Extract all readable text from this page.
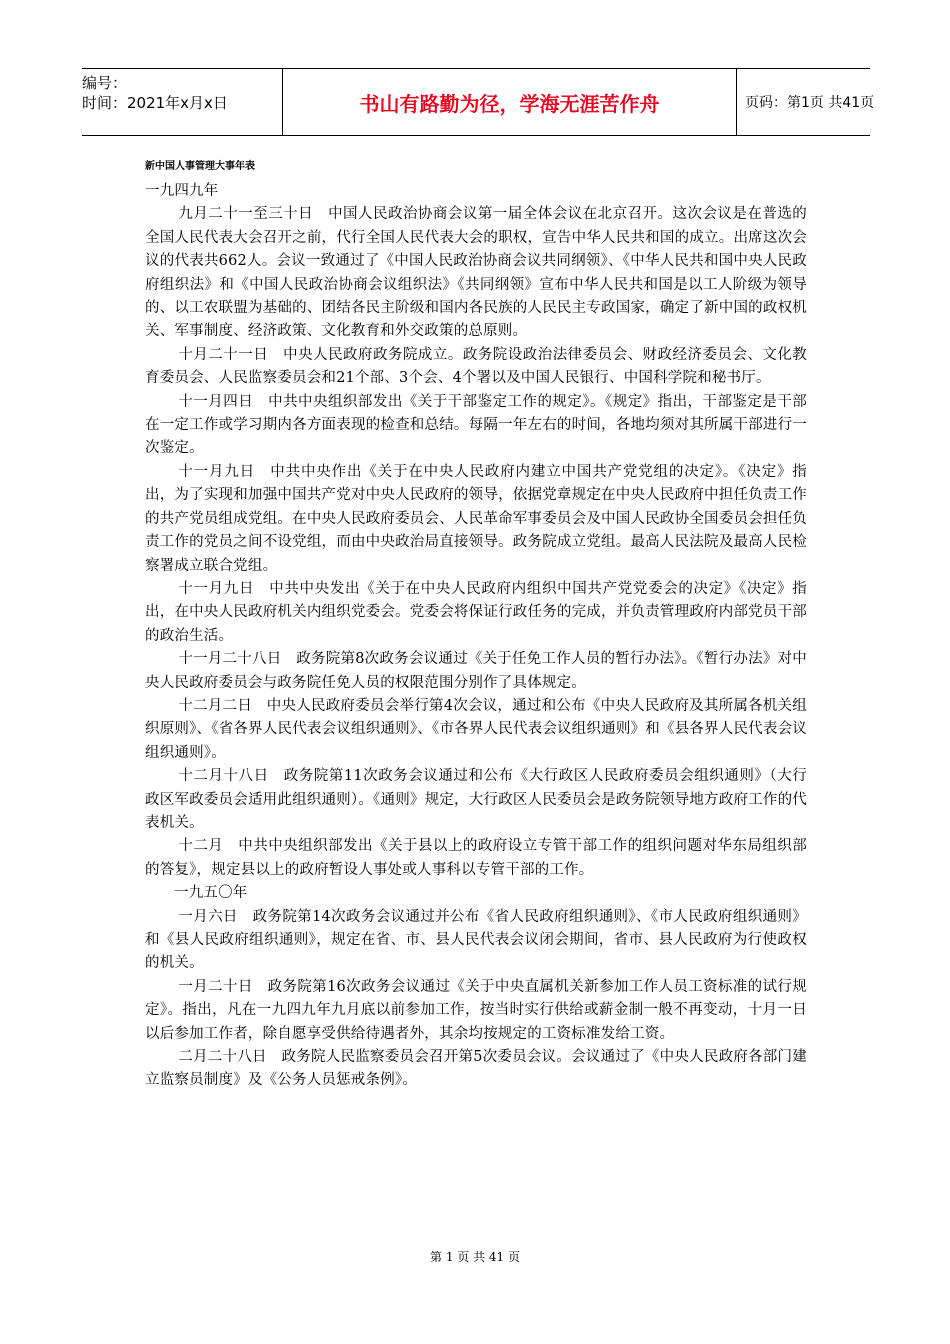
编号：
时间：2021年x月x日	书山有路勤为径，学海无涯苦作舟	页码：第1页 共41页
新中国人事管理大事年表

一九四九年

九月二十一至三十日　中国人民政治协商会议第一届全体会议在北京召开。这次会议是在普选的全国人民代表大会召开之前，代行全国人民代表大会的职权，宣告中华人民共和国的成立。出席这次会议的代表共662人。会议一致通过了《中国人民政治协商会议共同纲领》、《中华人民共和国中央人民政府组织法》和《中国人民政治协商会议组织法》《共同纲领》宣布中华人民共和国是以工人阶级为领导的、以工农联盟为基础的、团结各民主阶级和国内各民族的人民民主专政国家，确定了新中国的政权机关、军事制度、经济政策、文化教育和外交政策的总原则。

十月二十一日　中央人民政府政务院成立。政务院设政治法律委员会、财政经济委员会、文化教育委员会、人民监察委员会和21个部、3个会、4个署以及中国人民银行、中国科学院和秘书厅。

十一月四日　中共中央组织部发出《关于干部鉴定工作的规定》。《规定》指出，干部鉴定是干部在一定工作或学习期内各方面表现的检查和总结。每隔一年左右的时间，各地均须对其所属干部进行一次鉴定。

十一月九日　中共中央作出《关于在中央人民政府内建立中国共产党党组的决定》。《决定》指出，为了实现和加强中国共产党对中央人民政府的领导，依据党章规定在中央人民政府中担任负责工作的共产党员组成党组。在中央人民政府委员会、人民革命军事委员会及中国人民政协全国委员会担任负责工作的党员之间不设党组，而由中央政治局直接领导。政务院成立党组。最高人民法院及最高人民检察署成立联合党组。

十一月九日　中共中央发出《关于在中央人民政府内组织中国共产党党委会的决定》《决定》指出，在中央人民政府机关内组织党委会。党委会将保证行政任务的完成，并负责管理政府内部党员干部的政治生活。

十一月二十八日　政务院第8次政务会议通过《关于任免工作人员的暂行办法》。《暂行办法》对中央人民政府委员会与政务院任免人员的权限范围分别作了具体规定。

十二月二日　中央人民政府委员会举行第4次会议，通过和公布《中央人民政府及其所属各机关组织原则》、《省各界人民代表会议组织通则》、《市各界人民代表会议组织通则》和《县各界人民代表会议组织通则》。

十二月十八日　政务院第11次政务会议通过和公布《大行政区人民政府委员会组织通则》（大行政区军政委员会适用此组织通则）。《通则》规定，大行政区人民委员会是政务院领导地方政府工作的代表机关。

十二月　中共中央组织部发出《关于县以上的政府设立专管干部工作的组织问题对华东局组织部的答复》，规定县以上的政府暂设人事处或人事科以专管干部的工作。

一九五〇年

一月六日　政务院第14次政务会议通过并公布《省人民政府组织通则》、《市人民政府组织通则》和《县人民政府组织通则》，规定在省、市、县人民代表会议闭会期间，省市、县人民政府为行使政权的机关。

一月二十日　政务院第16次政务会议通过《关于中央直属机关新参加工作人员工资标准的试行规定》。指出，凡在一九四九年九月底以前参加工作，按当时实行供给或薪金制一般不再变动，十月一日以后参加工作者，除自愿享受供给待遇者外，其余均按规定的工资标准发给工资。

二月二十八日　政务院人民监察委员会召开第5次委员会议。会议通过了《中央人民政府各部门建立监察员制度》及《公务人员惩戒条例》。

第 1 页 共 41 页
